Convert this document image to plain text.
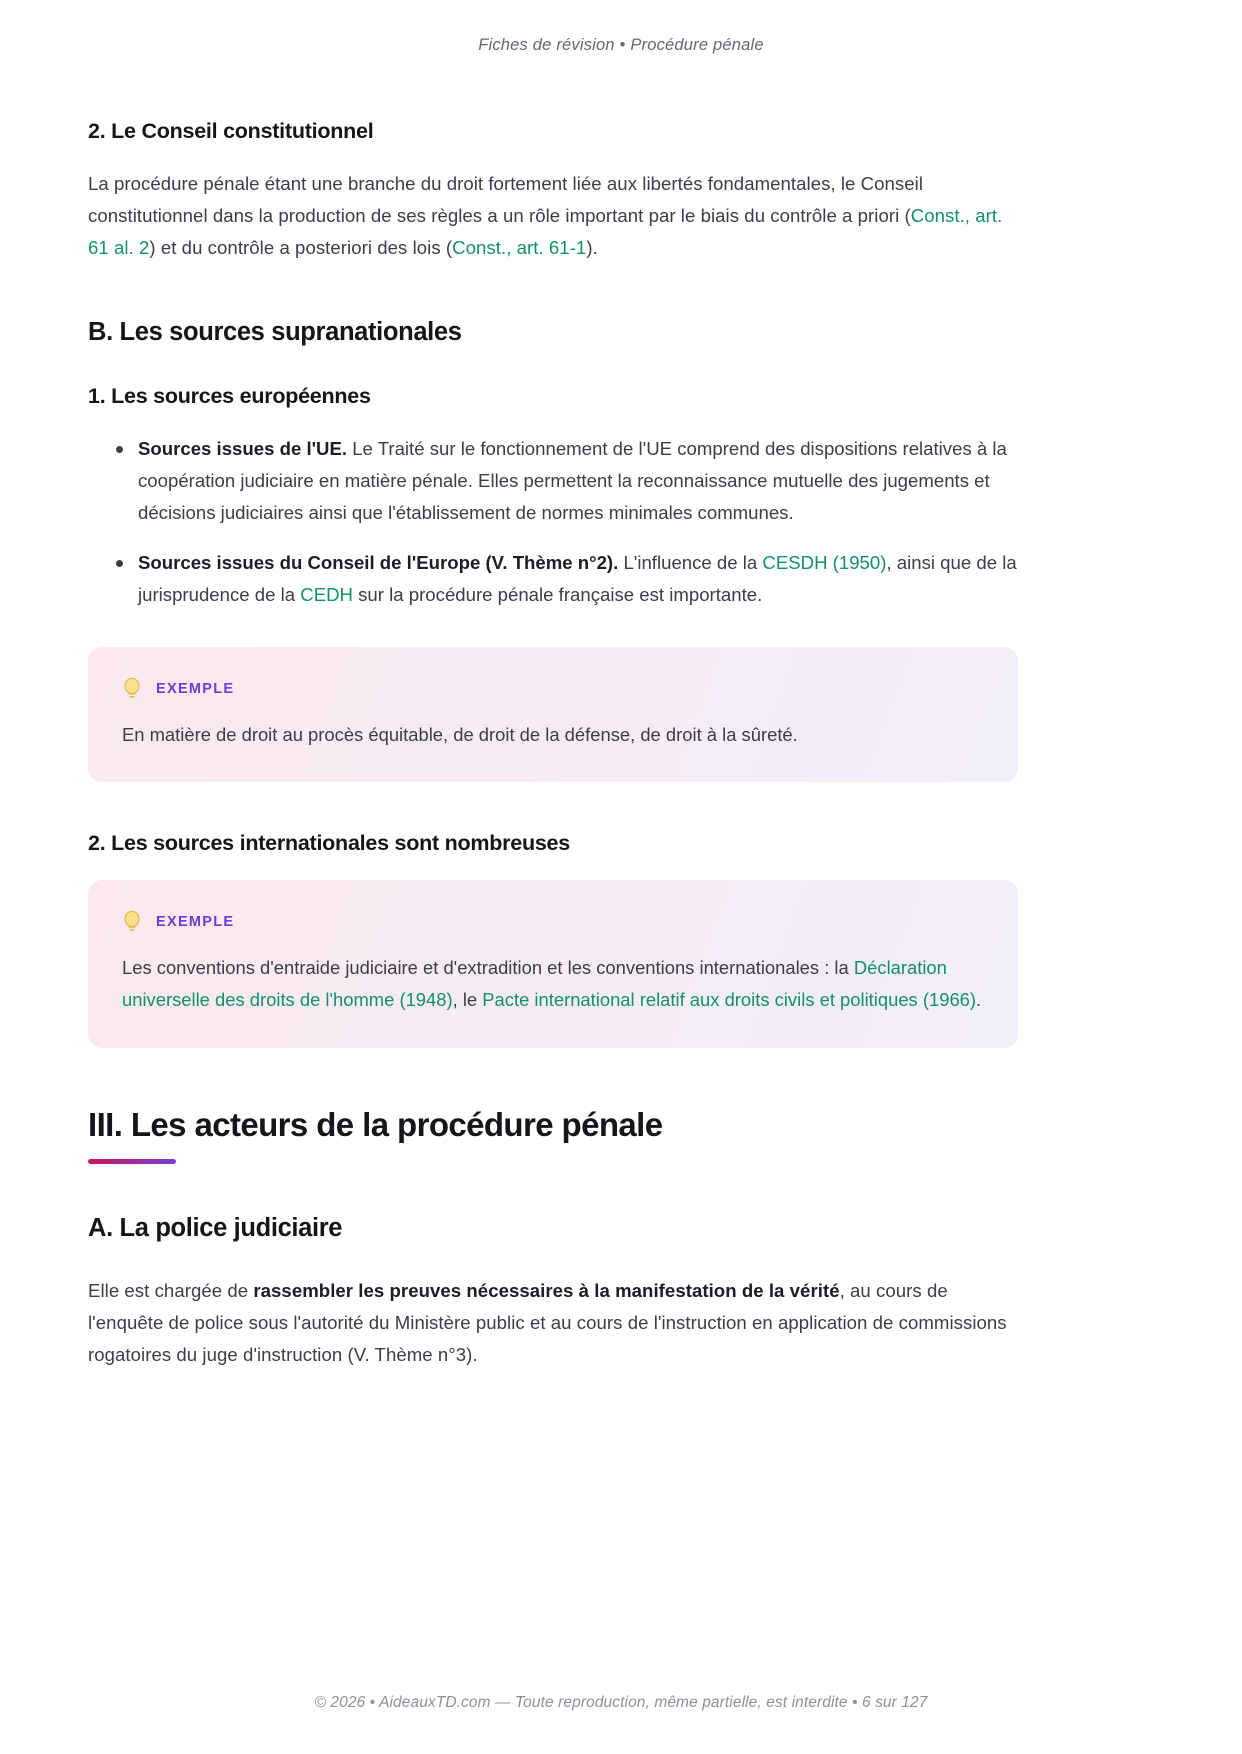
Fiches de révision • Procédure pénale
2. Le Conseil constitutionnel

La procédure pénale étant une branche du droit fortement liée aux libertés fondamentales, le Conseil constitutionnel dans la production de ses règles a un rôle important par le biais du contrôle a priori (Const., art. 61 al. 2) et du contrôle a posteriori des lois (Const., art. 61-1).

B. Les sources supranationales
1. Les sources européennes
Sources issues de l'UE. Le Traité sur le fonctionnement de l'UE comprend des dispositions relatives à la coopération judiciaire en matière pénale. Elles permettent la reconnaissance mutuelle des jugements et décisions judiciaires ainsi que l'établissement de normes minimales communes.
Sources issues du Conseil de l'Europe (V. Thème n°2). L'influence de la CESDH (1950), ainsi que de la jurisprudence de la CEDH sur la procédure pénale française est importante.
EXEMPLE
En matière de droit au procès équitable, de droit de la défense, de droit à la sûreté.
2. Les sources internationales sont nombreuses
EXEMPLE
Les conventions d'entraide judiciaire et d'extradition et les conventions internationales : la Déclaration universelle des droits de l'homme (1948), le Pacte international relatif aux droits civils et politiques (1966).
III. Les acteurs de la procédure pénale
A. La police judiciaire

Elle est chargée de rassembler les preuves nécessaires à la manifestation de la vérité, au cours de l'enquête de police sous l'autorité du Ministère public et au cours de l'instruction en application de commissions rogatoires du juge d'instruction (V. Thème n°3).

© 2026 • AideauxTD.com — Toute reproduction, même partielle, est interdite • 6 sur 127
